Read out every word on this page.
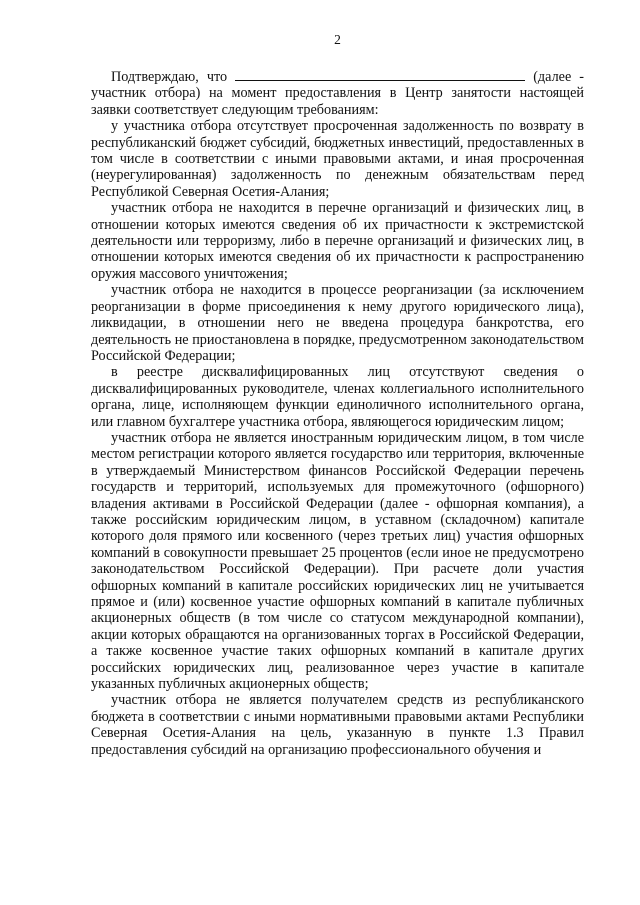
2

Подтверждаю, что	(далее - участник отбора) на момент предоставления в Центр занятости настоящей заявки соответствует следующим требованиям:

у участника отбора отсутствует просроченная задолженность по возврату в республиканский бюджет субсидий, бюджетных инвестиций, предоставленных в том числе в соответствии с иными правовыми актами, и иная просроченная (неурегулированная) задолженность по денежным обязательствам перед Республикой Северная Осетия-Алания;

участник отбора не находится в перечне организаций и физических лиц, в отношении которых имеются сведения об их причастности к экстремистской деятельности или терроризму, либо в перечне организаций и физических лиц, в отношении которых имеются сведения об их причастности к распространению оружия массового уничтожения;

участник отбора не находится в процессе реорганизации (за исключением реорганизации в форме присоединения к нему другого юридического лица), ликвидации, в отношении него не введена процедура банкротства, его деятельность не приостановлена в порядке, предусмотренном законодательством Российской Федерации;

в реестре дисквалифицированных лиц отсутствуют сведения о дисквалифицированных руководителе, членах коллегиального исполнительного органа, лице, исполняющем функции единоличного исполнительного органа, или главном бухгалтере участника отбора, являющегося юридическим лицом;

участник отбора не является иностранным юридическим лицом, в том числе местом регистрации которого является государство или территория, включенные в утверждаемый Министерством финансов Российской Федерации перечень государств и территорий, используемых для промежуточного (офшорного) владения активами в Российской Федерации (далее - офшорная компания), а также российским юридическим лицом, в уставном (складочном) капитале которого доля прямого или косвенного (через третьих лиц) участия офшорных компаний в совокупности превышает 25 процентов (если иное не предусмотрено законодательством Российской Федерации). При расчете доли участия офшорных компаний в капитале российских юридических лиц не учитывается прямое и (или) косвенное участие офшорных компаний в капитале публичных акционерных обществ (в том числе со статусом международной компании), акции которых обращаются на организованных торгах в Российской Федерации, а также косвенное участие таких офшорных компаний в капитале других российских юридических лиц, реализованное через участие в капитале указанных публичных акционерных обществ;

участник отбора не является получателем средств из республиканского бюджета в соответствии с иными нормативными правовыми актами Республики Северная Осетия-Алания на цель, указанную в пункте 1.3 Правил предоставления субсидий на организацию профессионального обучения и
